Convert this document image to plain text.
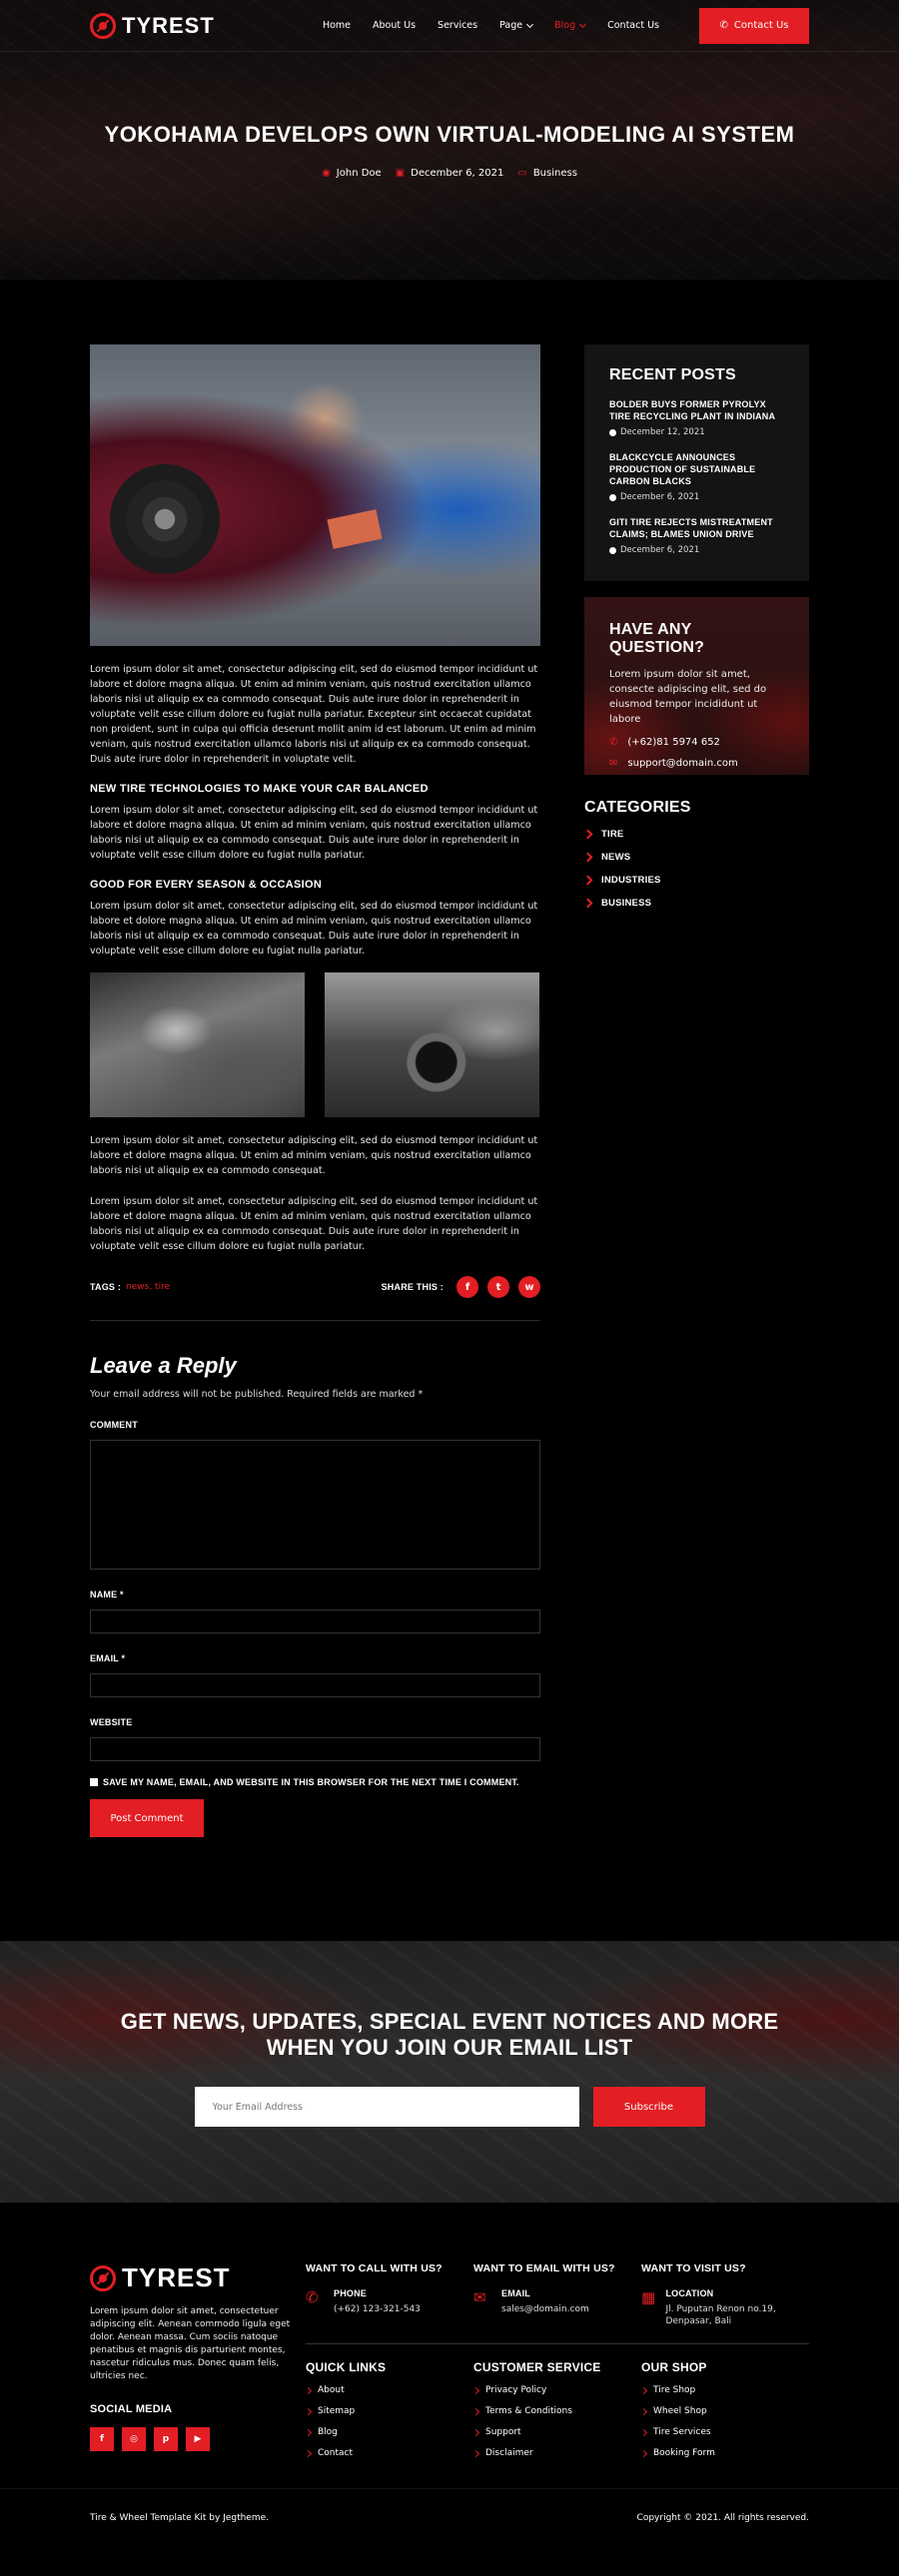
TYREST	Home About Us Services Page	Blog	Contact Us	✆ Contact Us
YOKOHAMA DEVELOPS OWN VIRTUAL-MODELING AI SYSTEM
◉ John Doe ▣ December 6, 2021 ▭ Business

Lorem ipsum dolor sit amet, consectetur adipiscing elit, sed do eiusmod tempor incididunt ut labore et dolore magna aliqua. Ut enim ad minim veniam, quis nostrud exercitation ullamco laboris nisi ut aliquip ex ea commodo consequat. Duis aute irure dolor in reprehenderit in voluptate velit esse cillum dolore eu fugiat nulla pariatur. Excepteur sint occaecat cupidatat non proident, sunt in culpa qui officia deserunt mollit anim id est laborum. Ut enim ad minim veniam, quis nostrud exercitation ullamco laboris nisi ut aliquip ex ea commodo consequat. Duis aute irure dolor in reprehenderit in voluptate velit.

NEW TIRE TECHNOLOGIES TO MAKE YOUR CAR BALANCED

Lorem ipsum dolor sit amet, consectetur adipiscing elit, sed do eiusmod tempor incididunt ut labore et dolore magna aliqua. Ut enim ad minim veniam, quis nostrud exercitation ullamco laboris nisi ut aliquip ex ea commodo consequat. Duis aute irure dolor in reprehenderit in voluptate velit esse cillum dolore eu fugiat nulla pariatur.

GOOD FOR EVERY SEASON & OCCASION

Lorem ipsum dolor sit amet, consectetur adipiscing elit, sed do eiusmod tempor incididunt ut labore et dolore magna aliqua. Ut enim ad minim veniam, quis nostrud exercitation ullamco laboris nisi ut aliquip ex ea commodo consequat. Duis aute irure dolor in reprehenderit in voluptate velit esse cillum dolore eu fugiat nulla pariatur.

Lorem ipsum dolor sit amet, consectetur adipiscing elit, sed do eiusmod tempor incididunt ut labore et dolore magna aliqua. Ut enim ad minim veniam, quis nostrud exercitation ullamco laboris nisi ut aliquip ex ea commodo consequat.

Lorem ipsum dolor sit amet, consectetur adipiscing elit, sed do eiusmod tempor incididunt ut labore et dolore magna aliqua. Ut enim ad minim veniam, quis nostrud exercitation ullamco laboris nisi ut aliquip ex ea commodo consequat. Duis aute irure dolor in reprehenderit in voluptate velit esse cillum dolore eu fugiat nulla pariatur.

TAGS : news, tire	SHARE THIS :	f	t	w
Leave a Reply

Your email address will not be published. Required fields are marked *

COMMENT
NAME *
EMAIL *
WEBSITE
SAVE MY NAME, EMAIL, AND WEBSITE IN THIS BROWSER FOR THE NEXT TIME I COMMENT.
Post Comment
RECENT POSTS
BOLDER BUYS FORMER PYROLYX TIRE RECYCLING PLANT IN INDIANA
December 12, 2021
BLACKCYCLE ANNOUNCES PRODUCTION OF SUSTAINABLE CARBON BLACKS
December 6, 2021
GITI TIRE REJECTS MISTREATMENT CLAIMS; BLAMES UNION DRIVE
December 6, 2021
HAVE ANY QUESTION?

Lorem ipsum dolor sit amet, consecte adipiscing elit, sed do eiusmod tempor incididunt ut labore

✆ (+62)81 5974 652
✉ support@domain.com
CATEGORIES
TIRE
NEWS
INDUSTRIES
BUSINESS
GET NEWS, UPDATES, SPECIAL EVENT NOTICES AND MORE
WHEN YOU JOIN OUR EMAIL LIST
Your Email Address
Subscribe
TYREST

Lorem ipsum dolor sit amet, consectetuer adipiscing elit. Aenean commodo ligula eget dolor. Aenean massa. Cum sociis natoque penatibus et magnis dis parturient montes, nascetur ridiculus mus. Donec quam felis, ultricies nec.

SOCIAL MEDIA
f	◎	p	▶
WANT TO CALL WITH US?
✆	PHONE
(+62) 123-321-543
WANT TO EMAIL WITH US?
✉	EMAIL
sales@domain.com
WANT TO VISIT US?
▦ LOCATION
Jl. Puputan Renon no.19, Denpasar, Bali
QUICK LINKS
About
Sitemap
Blog
Contact
CUSTOMER SERVICE
Privacy Policy
Terms & Conditions
Support
Disclaimer
OUR SHOP
Tire Shop
Wheel Shop
Tire Services
Booking Form
Tire & Wheel Template Kit by Jegtheme.	Copyright © 2021. All rights reserved.
